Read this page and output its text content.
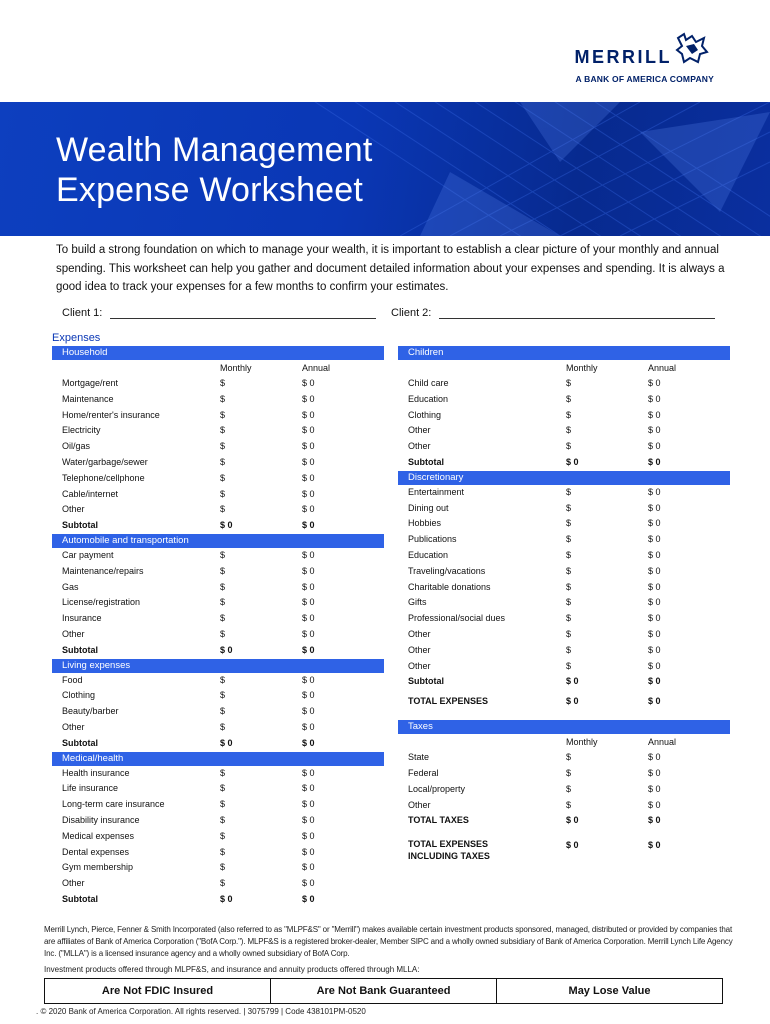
MERRILL
A BANK OF AMERICA COMPANY
Wealth Management
Expense Worksheet

To build a strong foundation on which to manage your wealth, it is important to establish a clear picture of your monthly and annual spending. This worksheet can help you gather and document detailed information about your expenses and spending. It is always a good idea to track your expenses for a few months to confirm your estimates.

Client 1:	Client 2:
Expenses
Household
Monthly	Annual
Mortgage/rent	$	$ 0
Maintenance	$	$ 0
Home/renter's insurance	$	$ 0
Electricity	$	$ 0
Oil/gas	$	$ 0
Water/garbage/sewer	$	$ 0
Telephone/cellphone	$	$ 0
Cable/internet	$	$ 0
Other	$	$ 0
Subtotal	$ 0	$ 0
Automobile and transportation
Car payment	$	$ 0
Maintenance/repairs	$	$ 0
Gas	$	$ 0
License/registration	$	$ 0
Insurance	$	$ 0
Other	$	$ 0
Subtotal	$ 0	$ 0
Living expenses
Food	$	$ 0
Clothing	$	$ 0
Beauty/barber	$	$ 0
Other	$	$ 0
Subtotal	$ 0	$ 0
Medical/health
Health insurance	$	$ 0
Life insurance	$	$ 0
Long-term care insurance	$	$ 0
Disability insurance	$	$ 0
Medical expenses	$	$ 0
Dental expenses	$	$ 0
Gym membership	$	$ 0
Other	$	$ 0
Subtotal	$ 0	$ 0
Children
Monthly	Annual
Child care	$	$ 0
Education	$	$ 0
Clothing	$	$ 0
Other	$	$ 0
Other	$	$ 0
Subtotal	$ 0	$ 0
Discretionary
Entertainment	$	$ 0
Dining out	$	$ 0
Hobbies	$	$ 0
Publications	$	$ 0
Education	$	$ 0
Traveling/vacations	$	$ 0
Charitable donations	$	$ 0
Gifts	$	$ 0
Professional/social dues	$	$ 0
Other	$	$ 0
Other	$	$ 0
Other	$	$ 0
Subtotal	$ 0	$ 0
TOTAL EXPENSES	$ 0	$ 0
Taxes
Monthly	Annual
State	$	$ 0
Federal	$	$ 0
Local/property	$	$ 0
Other	$	$ 0
TOTAL TAXES	$ 0	$ 0
TOTAL EXPENSES
INCLUDING TAXES
$ 0	$ 0

Merrill Lynch, Pierce, Fenner & Smith Incorporated (also referred to as "MLPF&S" or "Merrill") makes available certain investment products sponsored, managed, distributed or provided by companies that are affiliates of Bank of America Corporation ("BofA Corp."). MLPF&S is a registered broker-dealer, Member SIPC and a wholly owned subsidiary of Bank of America Corporation. Merrill Lynch Life Agency Inc. ("MLLA") is a licensed insurance agency and a wholly owned subsidiary of BofA Corp.

Investment products offered through MLPF&S, and insurance and annuity products offered through MLLA:

Are Not FDIC Insured	Are Not Bank Guaranteed	May Lose Value

. © 2020 Bank of America Corporation. All rights reserved. | 3075799 | Code 438101PM-0520
